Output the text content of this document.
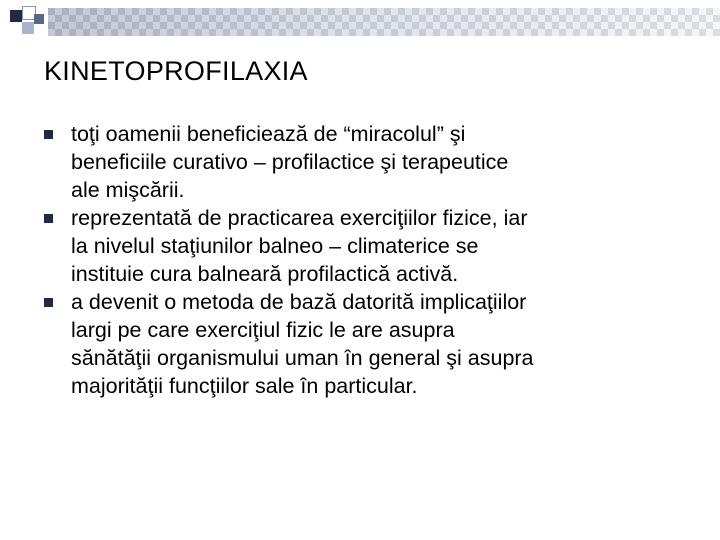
KINETOPROFILAXIA
toţi oamenii beneficiează de “miracolul” şi
beneficiile curativo – profilactice şi terapeutice
ale mişcării.
reprezentată de practicarea exerciţiilor fizice, iar
la nivelul staţiunilor balneo – climaterice se
instituie cura balneară profilactică activă.
a devenit o metoda de bază datorită implicaţiilor
largi pe care exerciţiul fizic le are asupra
sănătăţii organismului uman în general şi asupra
majorităţii funcţiilor sale în particular.
